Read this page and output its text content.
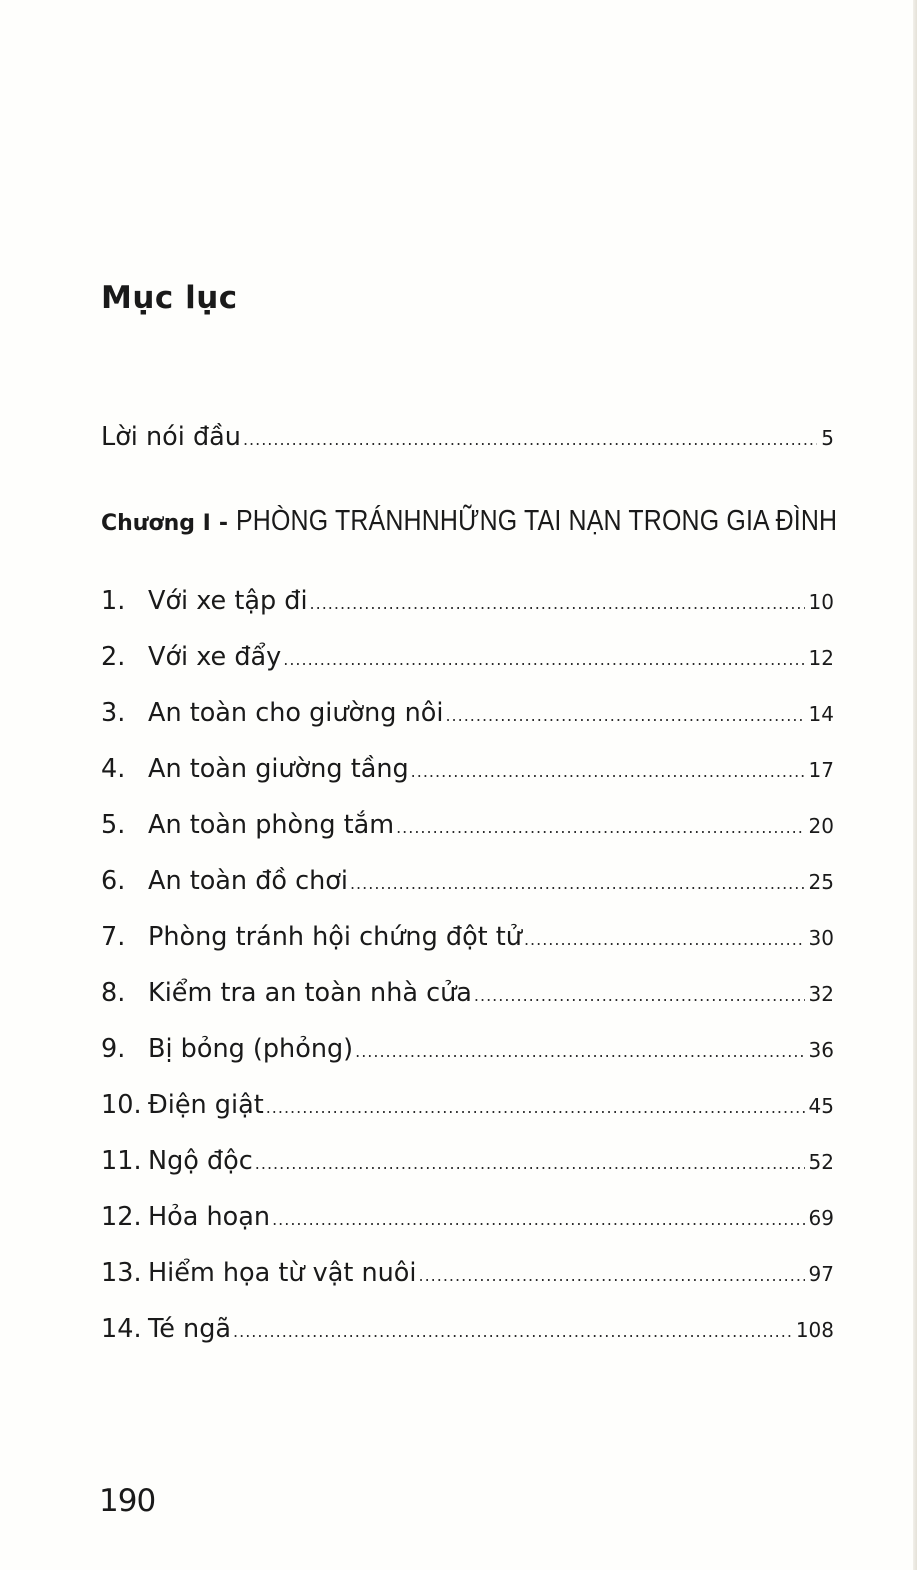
Mục lục
Lời nói đầu .....	5
Chương I - PHÒNG TRÁNHNHỮNG TAI NẠN TRONG GIA ĐÌNH
1. Với xe tập đi .....	10
2. Với xe đẩy .....	12
3. An toàn cho giường nôi .....	14
4. An toàn giường tầng .....	17
5. An toàn phòng tắm .....	20
6. An toàn đồ chơi .....	25
7. Phòng tránh hội chứng đột tử .....	30
8. Kiểm tra an toàn nhà cửa .....	32
9. Bị bỏng (phỏng) .....	36
10. Điện giật .....	45
11. Ngộ độc .....	52
12. Hỏa hoạn .....	69
13. Hiểm họa từ vật nuôi .....	97
14. Té ngã .....	108
190
